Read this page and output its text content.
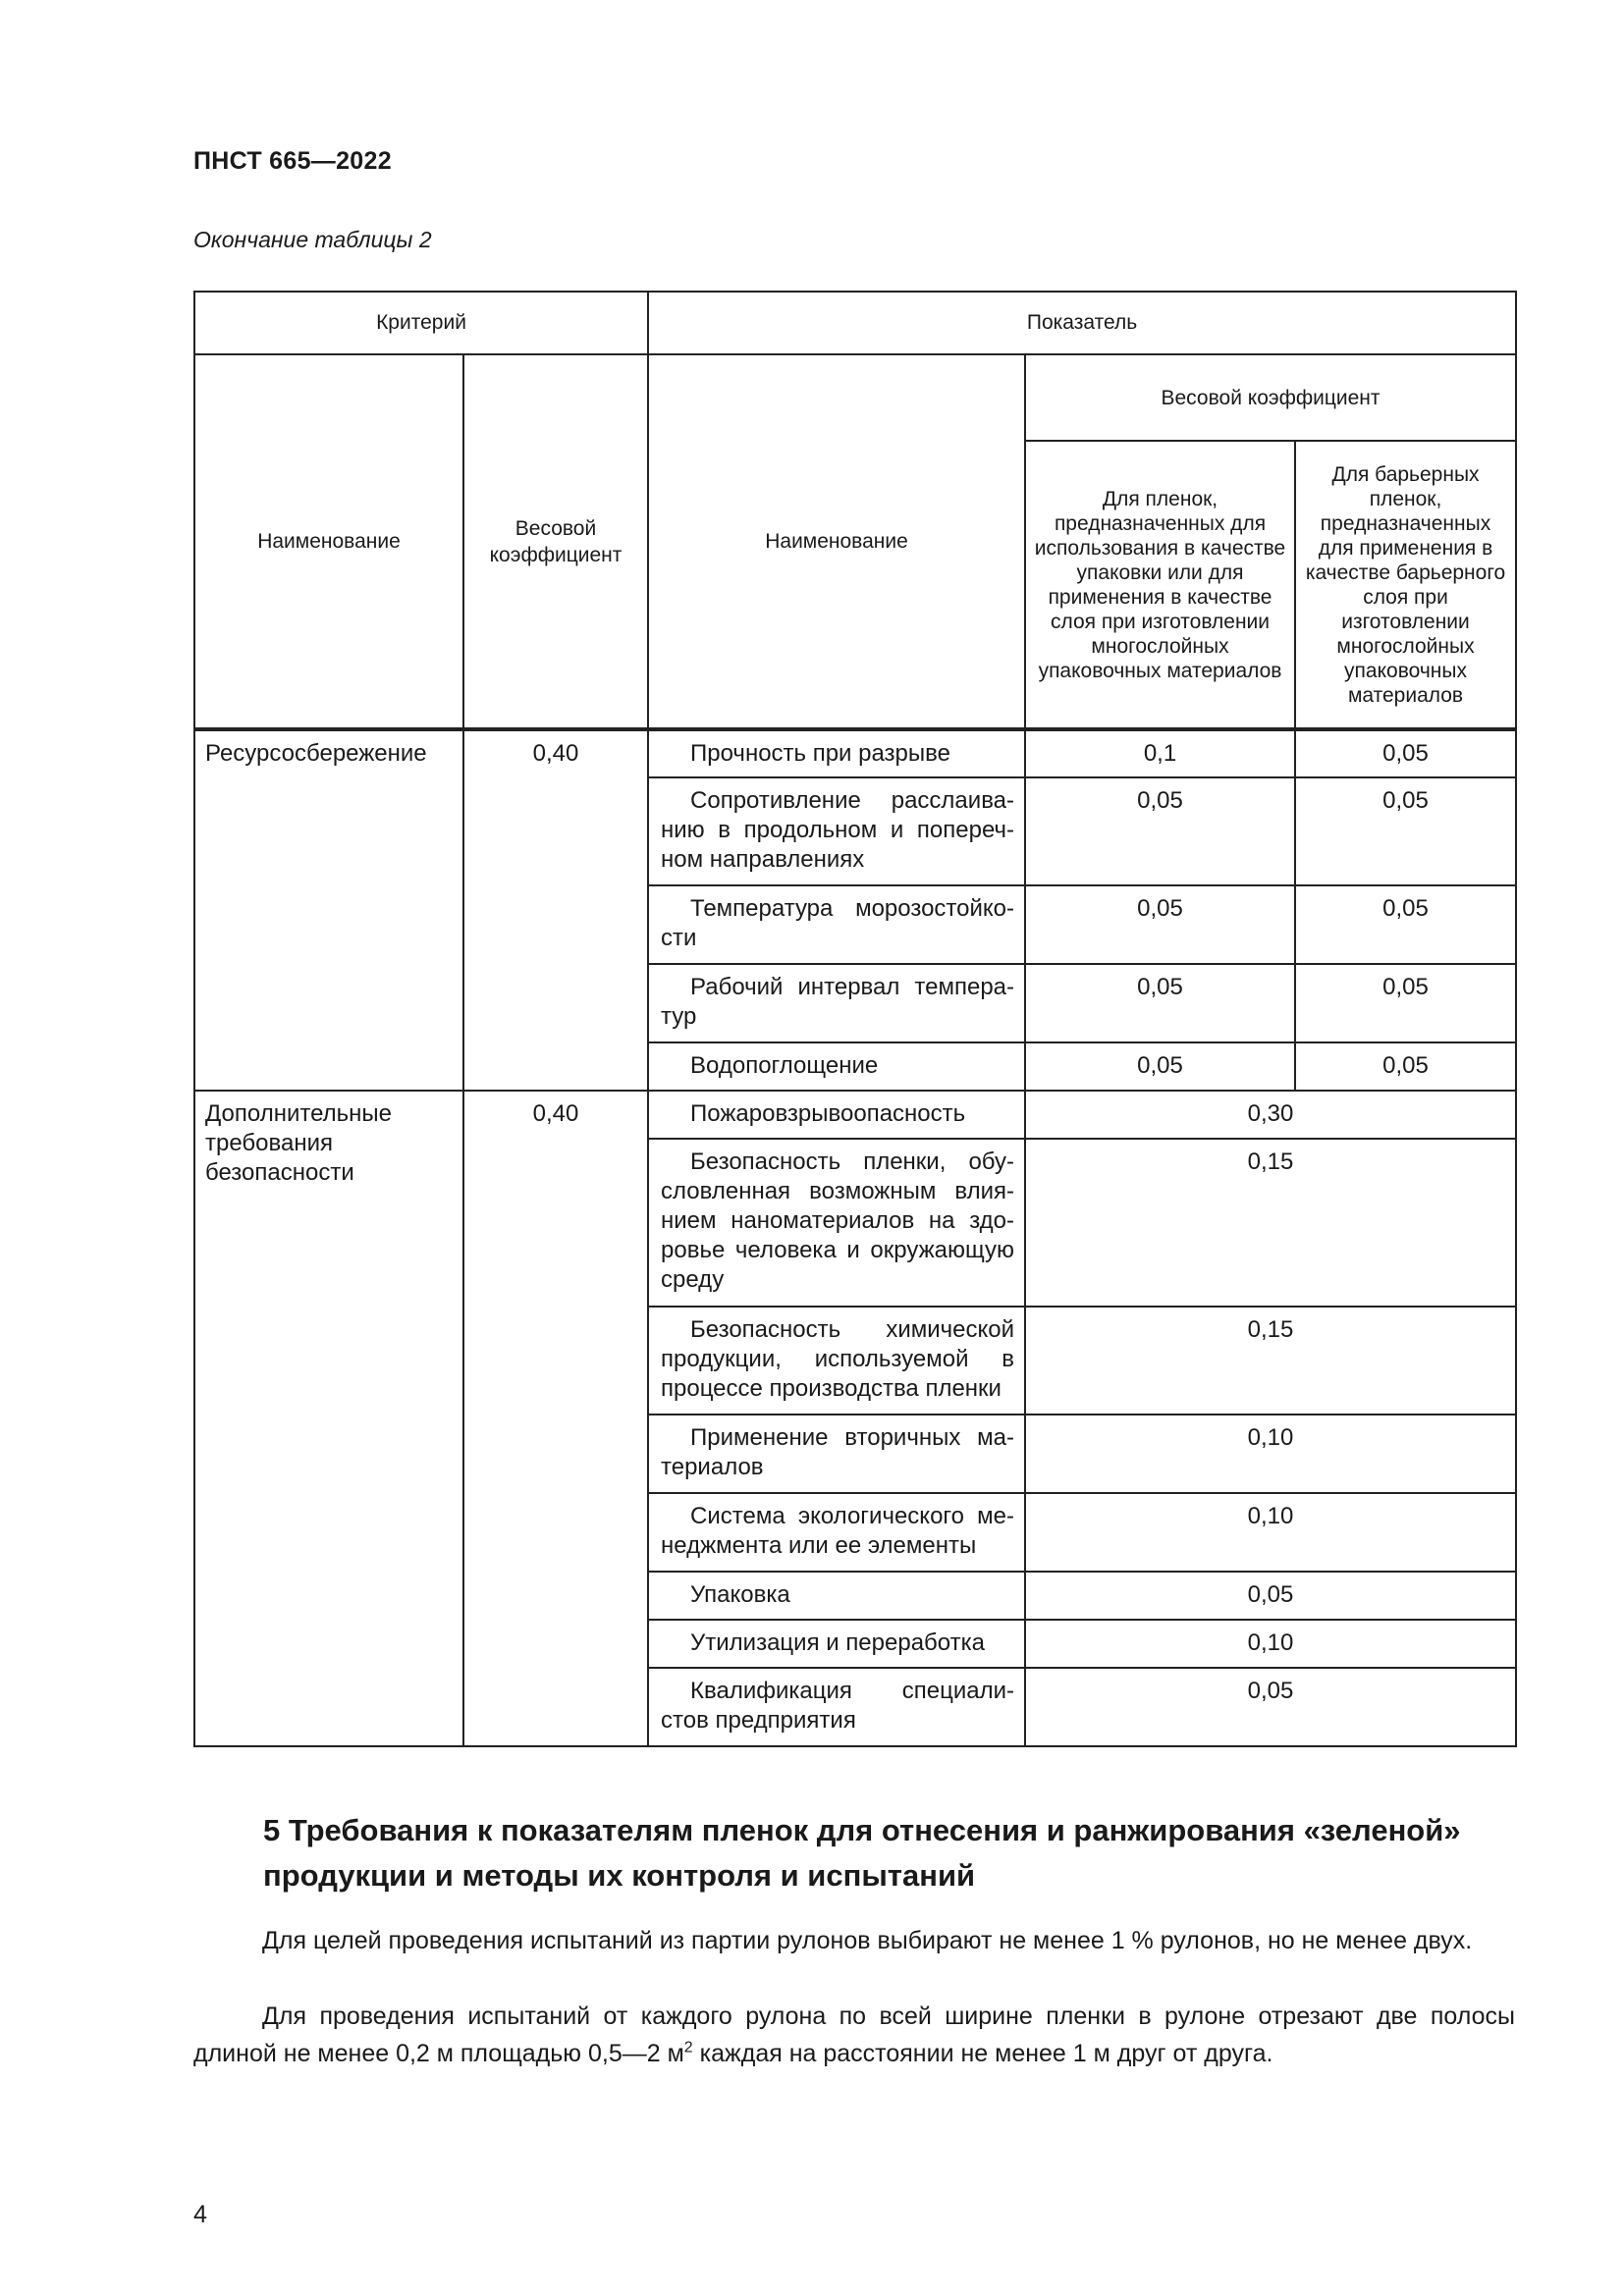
ПНСТ 665—2022
Окончание таблицы 2
Критерий		Показатель		
Наименование	Весовой коэффициент	Наименование	Весовой коэффициент	
			Для пленок, предназначенных для использования в качестве упаковки или для применения в качестве слоя при изготовлении многослойных упаковочных материалов	Для барьерных пленок, предназначенных для применения в качестве барьерного слоя при изготовлении многослойных упаковочных материалов
Ресурсосбережение	0,40	Прочность при разрыве	0,1	0,05
		Сопротивление расслаива-нию в продольном и попереч-ном направлениях	0,05	0,05
		Температура морозостойко-сти	0,05	0,05
		Рабочий интервал темпера-тур	0,05	0,05
		Водопоглощение	0,05	0,05
Дополнительные требования безопасности	0,40	Пожаровзрывоопасность	0,30	
		Безопасность пленки, обу-словленная возможным влия-нием наноматериалов на здо-ровье человека и окружающую среду	0,15	
		Безопасность химической продукции, используемой в процессе производства пленки	0,15	
		Применение вторичных ма-териалов	0,10	
		Система экологического ме-неджмента или ее элементы	0,10	
		Упаковка	0,05	
		Утилизация и переработка	0,10	
		Квалификация специали-стов предприятия	0,05	
5 Требования к показателям пленок для отнесения и ранжирования «зеленой» продукции и методы их контроля и испытаний
Для целей проведения испытаний из партии рулонов выбирают не менее 1 % рулонов, но не менее двух.
Для проведения испытаний от каждого рулона по всей ширине пленки в рулоне отрезают две полосы длиной не менее 0,2 м площадью 0,5—2 $м^2$ каждая на расстоянии не менее 1 м друг от друга.
4
